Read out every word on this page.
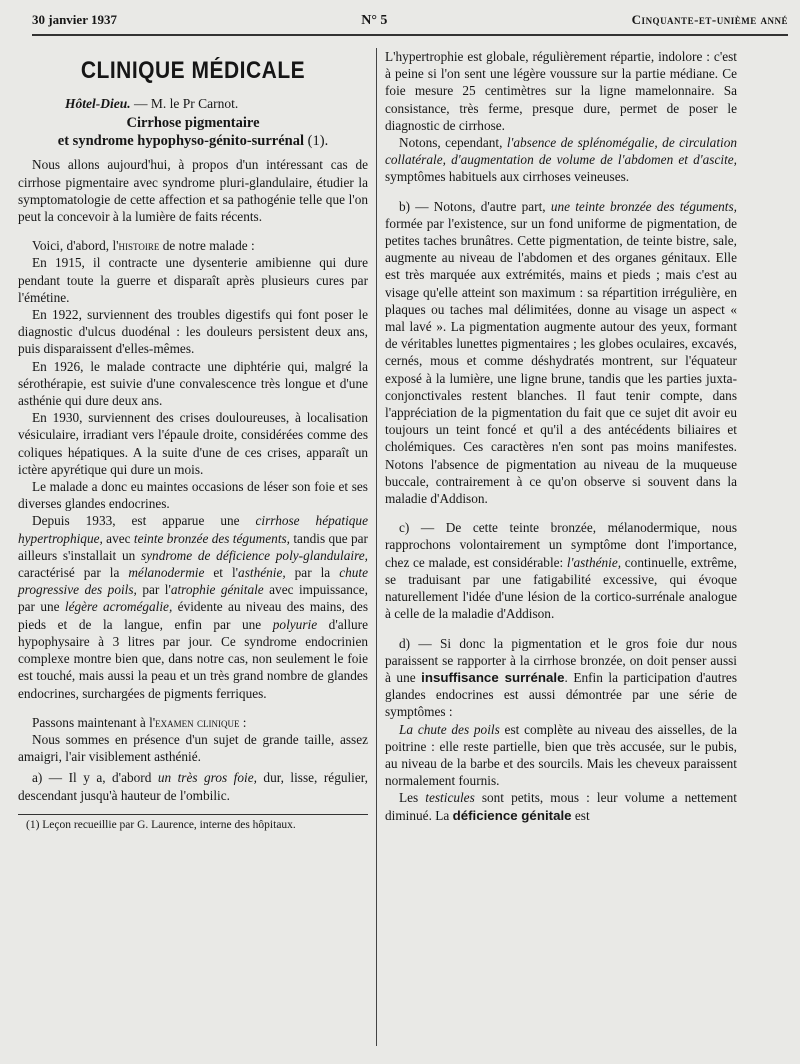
30 janvier 1937	N° 5	Cinquante-et-unième anné
CLINIQUE MÉDICALE
Hôtel-Dieu. — M. le Pr Carnot.
Cirrhose pigmentaire
et syndrome hypophyso-génito-surrénal (1).

Nous allons aujourd'hui, à propos d'un intéressant cas de cirrhose pigmentaire avec syndrome pluri-glandulaire, étudier la symptomatologie de cette affection et sa pathogénie telle que l'on peut la concevoir à la lumière de faits récents.

Voici, d'abord, l'histoire de notre malade :

En 1915, il contracte une dysenterie amibienne qui dure pendant toute la guerre et disparaît après plusieurs cures par l'émétine.

En 1922, surviennent des troubles digestifs qui font poser le diagnostic d'ulcus duodénal : les douleurs persistent deux ans, puis disparaissent d'elles-mêmes.

En 1926, le malade contracte une diphtérie qui, malgré la sérothérapie, est suivie d'une convalescence très longue et d'une asthénie qui dure deux ans.

En 1930, surviennent des crises douloureuses, à localisation vésiculaire, irradiant vers l'épaule droite, considérées comme des coliques hépatiques. A la suite d'une de ces crises, apparaît un ictère apyrétique qui dure un mois.

Le malade a donc eu maintes occasions de léser son foie et ses diverses glandes endocrines.

Depuis 1933, est apparue une cirrhose hépatique hypertrophique, avec teinte bronzée des téguments, tandis que par ailleurs s'installait un syndrome de déficience poly-glandulaire, caractérisé par la mélanodermie et l'asthénie, par la chute progressive des poils, par l'atrophie génitale avec impuissance, par une légère acromégalie, évidente au niveau des mains, des pieds et de la langue, enfin par une polyurie d'allure hypophysaire à 3 litres par jour. Ce syndrome endocrinien complexe montre bien que, dans notre cas, non seulement le foie est touché, mais aussi la peau et un très grand nombre de glandes endocrines, surchargées de pigments ferriques.

Passons maintenant à l'examen clinique :

Nous sommes en présence d'un sujet de grande taille, assez amaigri, l'air visiblement asthénié.

a) — Il y a, d'abord un très gros foie, dur, lisse, régulier, descendant jusqu'à hauteur de l'ombilic.

(1) Leçon recueillie par G. Laurence, interne des hôpitaux.

L'hypertrophie est globale, régulièrement répartie, indolore : c'est à peine si l'on sent une légère voussure sur la partie médiane. Ce foie mesure 25 centimètres sur la ligne mamelonnaire. Sa consistance, très ferme, presque dure, permet de poser le diagnostic de cirrhose.

Notons, cependant, l'absence de splénomégalie, de circulation collatérale, d'augmentation de volume de l'abdomen et d'ascite, symptômes habituels aux cirrhoses veineuses.

b) — Notons, d'autre part, une teinte bronzée des téguments, formée par l'existence, sur un fond uniforme de pigmentation, de petites taches brunâtres. Cette pigmentation, de teinte bistre, sale, augmente au niveau de l'abdomen et des organes génitaux. Elle est très marquée aux extrémités, mains et pieds ; mais c'est au visage qu'elle atteint son maximum : sa répartition irrégulière, en plaques ou taches mal délimitées, donne au visage un aspect « mal lavé ». La pigmentation augmente autour des yeux, formant de véritables lunettes pigmentaires ; les globes oculaires, excavés, cernés, mous et comme déshydratés montrent, sur l'équateur exposé à la lumière, une ligne brune, tandis que les parties juxta-conjonctivales restent blanches. Il faut tenir compte, dans l'appréciation de la pigmentation du fait que ce sujet dit avoir eu toujours un teint foncé et qu'il a des antécédents biliaires et cholémiques. Ces caractères n'en sont pas moins manifestes. Notons l'absence de pigmentation au niveau de la muqueuse buccale, contrairement à ce qu'on observe si souvent dans la maladie d'Addison.

c) — De cette teinte bronzée, mélanodermique, nous rapprochons volontairement un symptôme dont l'importance, chez ce malade, est considérable: l'asthénie, continuelle, extrême, se traduisant par une fatigabilité excessive, qui évoque naturellement l'idée d'une lésion de la cortico-surrénale analogue à celle de la maladie d'Addison.

d) — Si donc la pigmentation et le gros foie dur nous paraissent se rapporter à la cirrhose bronzée, on doit penser aussi à une insuffisance surrénale. Enfin la participation d'autres glandes endocrines est aussi démontrée par une série de symptômes :

La chute des poils est complète au niveau des aisselles, de la poitrine : elle reste partielle, bien que très accusée, sur le pubis, au niveau de la barbe et des sourcils. Mais les cheveux paraissent normalement fournis.

Les testicules sont petits, mous : leur volume a nettement diminué. La déficience génitale est
